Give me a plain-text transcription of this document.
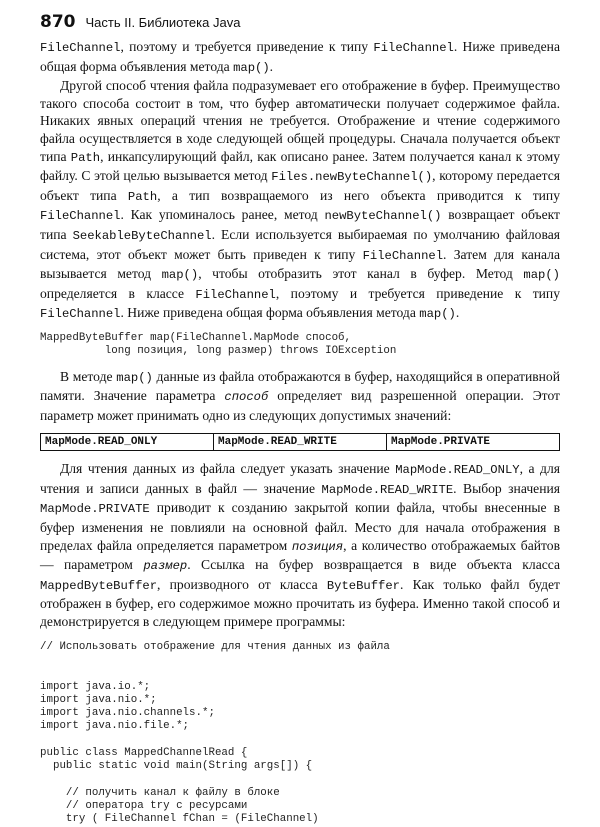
870 Часть II. Библиотека Java

FileChannel, поэтому и требуется приведение к типу FileChannel. Ниже приведена общая форма объявления метода map().

Другой способ чтения файла подразумевает его отображение в буфер. Преимущество такого способа состоит в том, что буфер автоматически получает содержимое файла. Никаких явных операций чтения не требуется. Отображение и чтение содержимого файла осуществляется в ходе следующей общей процедуры. Сначала получается объект типа Path, инкапсулирующий файл, как описано ранее. Затем получается канал к этому файлу. С этой целью вызывается метод Files.newByteChannel(), которому передается объект типа Path, а тип возвращаемого из него объекта приводится к типу FileChannel. Как упоминалось ранее, метод newByteChannel() возвращает объект типа SeekableByteChannel. Если используется выбираемая по умолчанию файловая система, этот объект может быть приведен к типу FileChannel. Затем для канала вызывается метод map(), чтобы отобразить этот канал в буфер. Метод map() определяется в классе FileChannel, поэтому и требуется приведение к типу FileChannel. Ниже приведена общая форма объявления метода map().

MappedByteBuffer map(FileChannel.MapMode способ,
long позиция, long размер) throws IOException

В методе map() данные из файла отображаются в буфер, находящийся в оперативной памяти. Значение параметра способ определяет вид разрешенной операции. Этот параметр может принимать одно из следующих допустимых значений:

MapMode.READ_ONLY	MapMode.READ_WRITE	MapMode.PRIVATE

Для чтения данных из файла следует указать значение MapMode.READ_ONLY, а для чтения и записи данных в файл — значение MapMode.READ_WRITE. Выбор значения MapMode.PRIVATE приводит к созданию закрытой копии файла, чтобы внесенные в буфер изменения не повлияли на основной файл. Место для начала отображения в пределах файла определяется параметром позиция, а количество отображаемых байтов — параметром размер. Ссылка на буфер возвращается в виде объекта класса MappedByteBuffer, производного от класса ByteBuffer. Как только файл будет отображен в буфер, его содержимое можно прочитать из буфера. Именно такой способ и демонстрируется в следующем примере программы:

// Использовать отображение для чтения данных из файла

import java.io.*;
import java.nio.*;
import java.nio.channels.*;
import java.nio.file.*;

public class MappedChannelRead {
public static void main(String args[]) {

// получить канал к файлу в блоке
// оператора try с ресурсами
try ( FileChannel fChan = (FileChannel)
